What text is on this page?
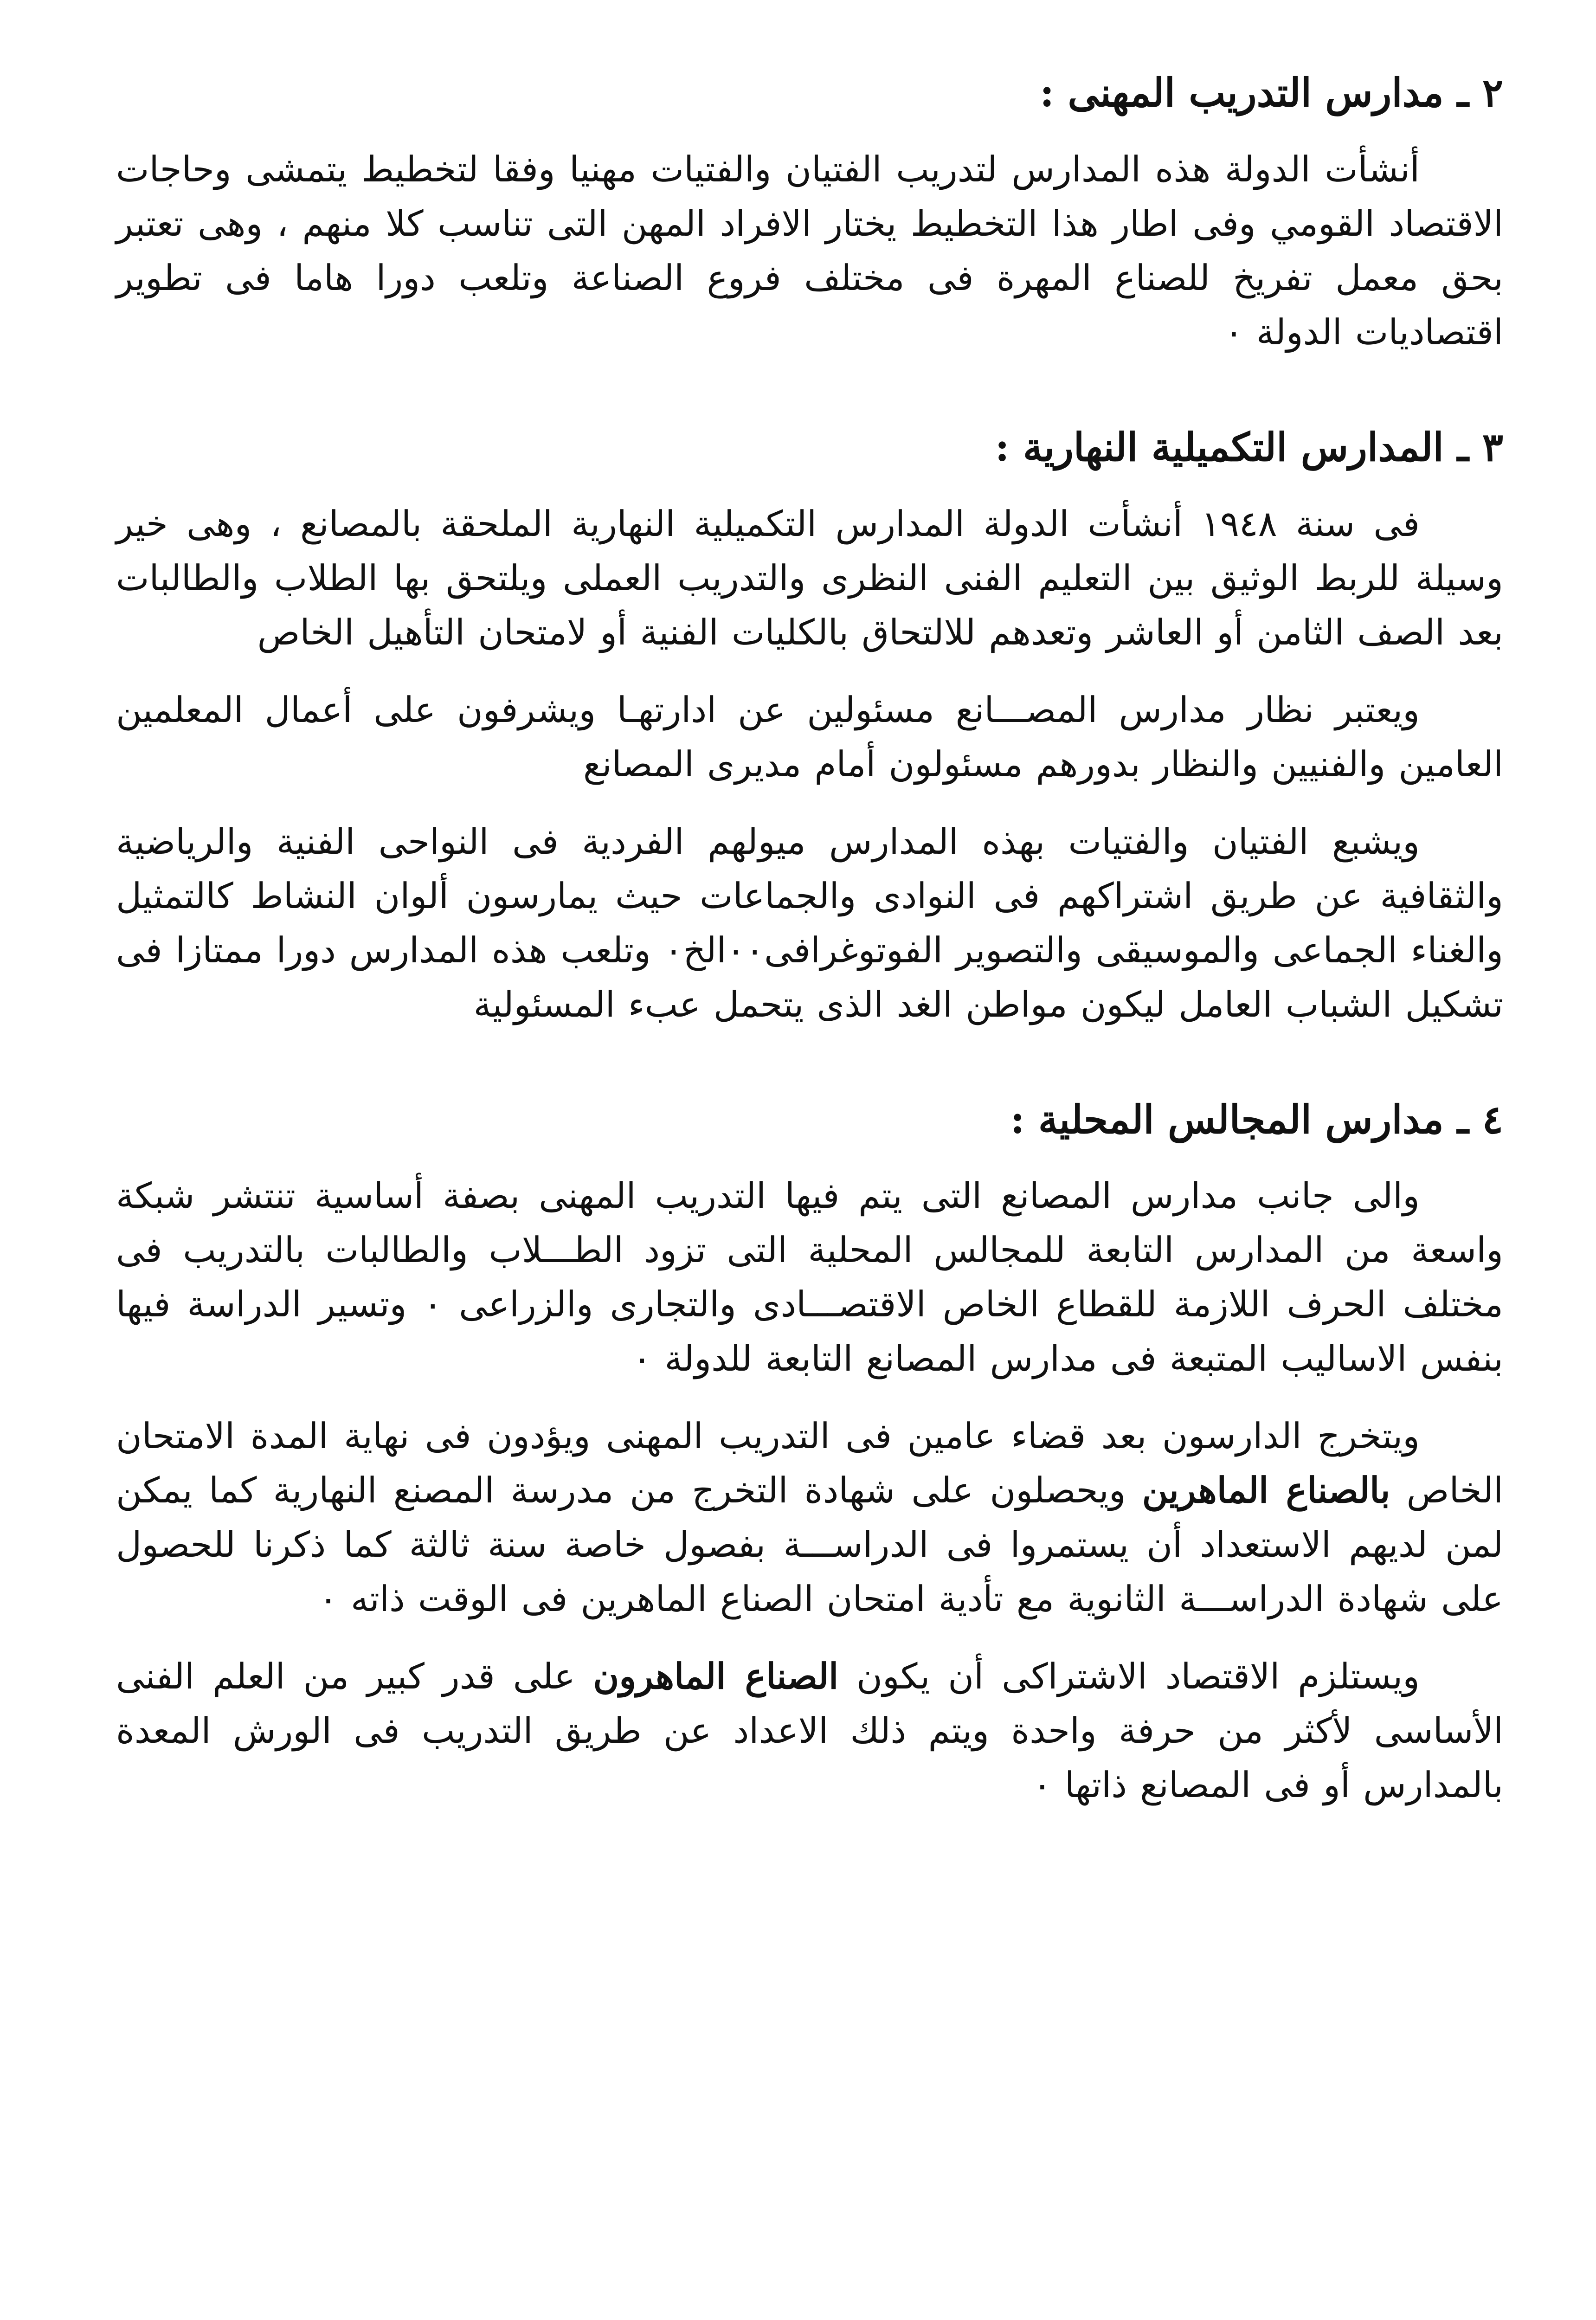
٢ ـ مدارس التدريب المهنى :

أنشأت الدولة هذه المدارس لتدريب الفتيان والفتيات مهنيا وفقا لتخطيط يتمشى وحاجات الاقتصاد القومي وفى اطار هذا التخطيط يختار الافراد المهن التى تناسب كلا منهم ، وهى تعتبر بحق معمل تفريخ للصناع المهرة فى مختلف فروع الصناعة وتلعب دورا هاما فى تطوير اقتصاديات الدولة ٠

٣ ـ المدارس التكميلية النهارية :

فى سنة ١٩٤٨ أنشأت الدولة المدارس التكميلية النهارية الملحقة بالمصانع ، وهى خير وسيلة للربط الوثيق بين التعليم الفنى النظرى والتدريب العملى ويلتحق بها الطلاب والطالبات بعد الصف الثامن أو العاشر وتعدهم للالتحاق بالكليات الفنية أو لامتحان التأهيل الخاص

ويعتبر نظار مدارس المصـــانع مسئولين عن ادارتهـا ويشرفون على أعمال المعلمين العامين والفنيين والنظار بدورهم مسئولون أمام مديرى المصانع

ويشبع الفتيان والفتيات بهذه المدارس ميولهم الفردية فى النواحى الفنية والرياضية والثقافية عن طريق اشتراكهم فى النوادى والجماعات حيث يمارسون ألوان النشاط كالتمثيل والغناء الجماعى والموسيقى والتصوير الفوتوغرافى٠٠الخ٠ وتلعب هذه المدارس دورا ممتازا فى تشكيل الشباب العامل ليكون مواطن الغد الذى يتحمل عبء المسئولية

٤ ـ مدارس المجالس المحلية :

والى جانب مدارس المصانع التى يتم فيها التدريب المهنى بصفة أساسية تنتشر شبكة واسعة من المدارس التابعة للمجالس المحلية التى تزود الطـــلاب والطالبات بالتدريب فى مختلف الحرف اللازمة للقطاع الخاص الاقتصـــادى والتجارى والزراعى ٠ وتسير الدراسة فيها بنفس الاساليب المتبعة فى مدارس المصانع التابعة للدولة ٠

ويتخرج الدارسون بعد قضاء عامين فى التدريب المهنى ويؤدون فى نهاية المدة الامتحان الخاص بالصناع الماهرين ويحصلون على شهادة التخرج من مدرسة المصنع النهارية كما يمكن لمن لديهم الاستعداد أن يستمروا فى الدراســـة بفصول خاصة سنة ثالثة كما ذكرنا للحصول على شهادة الدراســـة الثانوية مع تأدية امتحان الصناع الماهرين فى الوقت ذاته ٠

ويستلزم الاقتصاد الاشتراكى أن يكون الصناع الماهرون على قدر كبير من العلم الفنى الأساسى لأكثر من حرفة واحدة ويتم ذلك الاعداد عن طريق التدريب فى الورش المعدة بالمدارس أو فى المصانع ذاتها ٠
